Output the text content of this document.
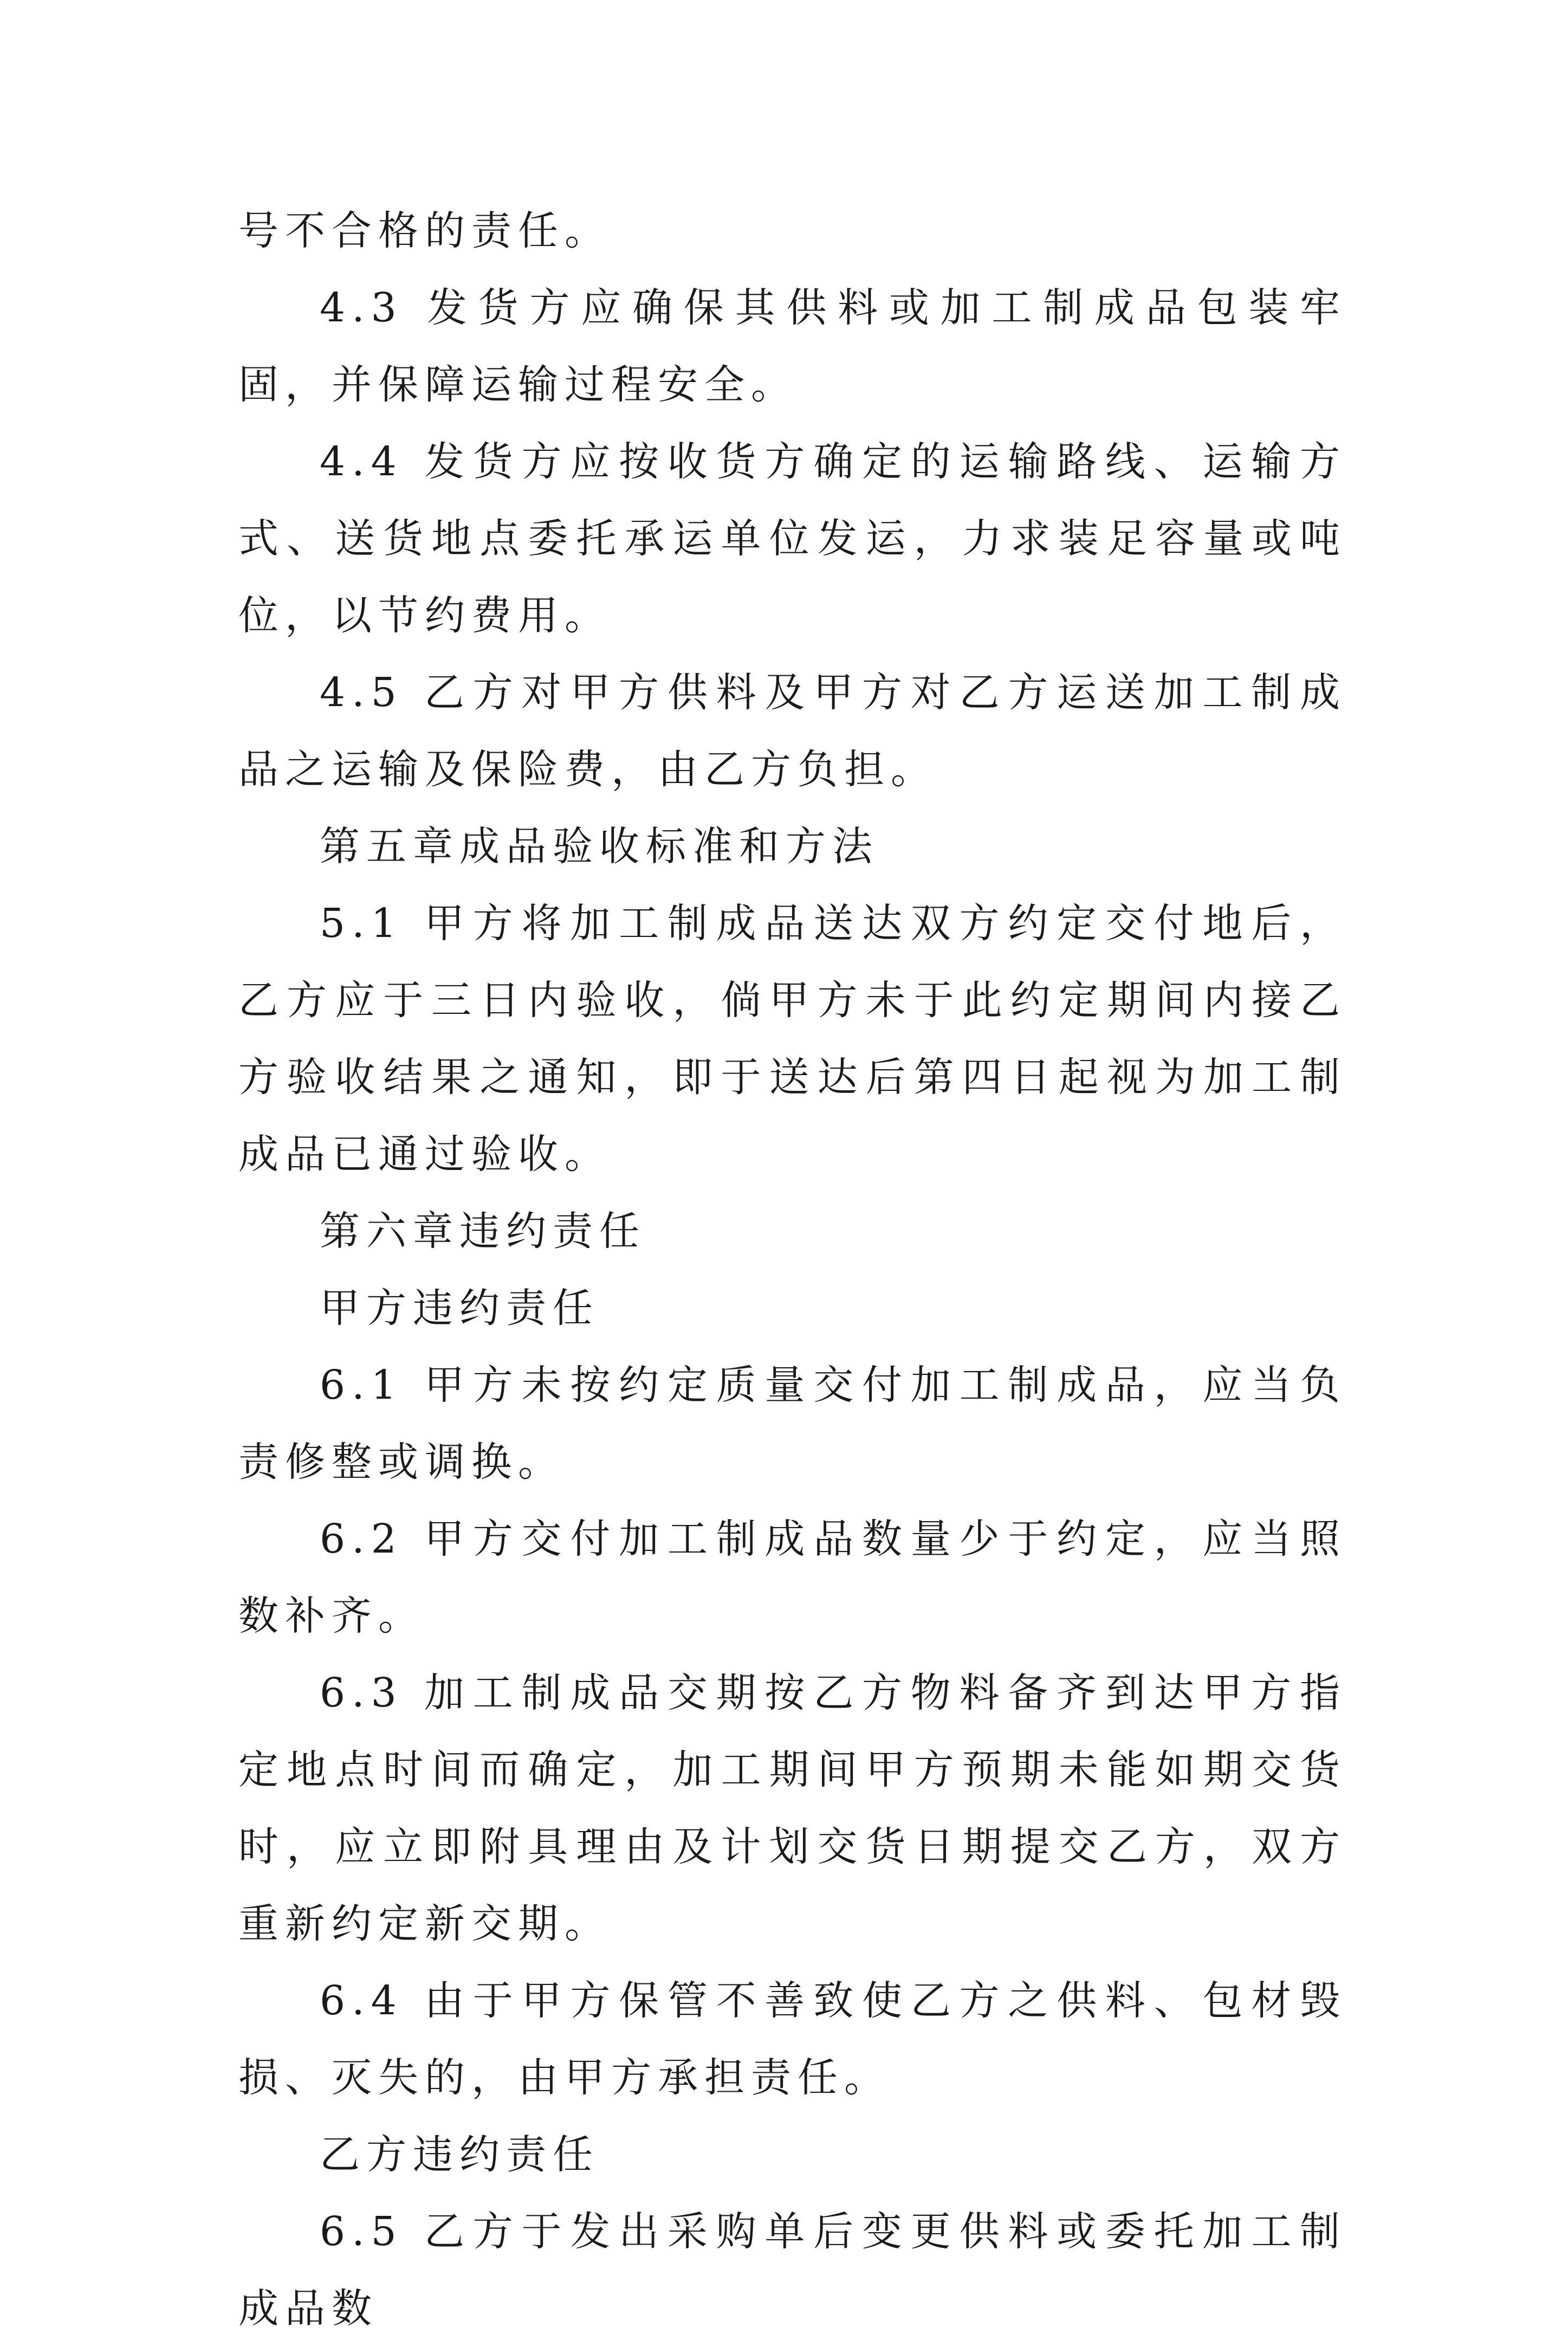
号不合格的责任。

4.3 发货方应确保其供料或加工制成品包装牢固，并保障运输过程安全。

4.4 发货方应按收货方确定的运输路线、运输方式、送货地点委托承运单位发运，力求装足容量或吨位，以节约费用。

4.5 乙方对甲方供料及甲方对乙方运送加工制成品之运输及保险费，由乙方负担。

第五章成品验收标准和方法

5.1 甲方将加工制成品送达双方约定交付地后，乙方应于三日内验收，倘甲方未于此约定期间内接乙方验收结果之通知，即于送达后第四日起视为加工制成品已通过验收。

第六章违约责任

甲方违约责任

6.1 甲方未按约定质量交付加工制成品，应当负责修整或调换。

6.2 甲方交付加工制成品数量少于约定，应当照数补齐。

6.3 加工制成品交期按乙方物料备齐到达甲方指定地点时间而确定，加工期间甲方预期未能如期交货时，应立即附具理由及计划交货日期提交乙方，双方重新约定新交期。

6.4 由于甲方保管不善致使乙方之供料、包材毁损、灭失的，由甲方承担责任。

乙方违约责任

6.5 乙方于发出采购单后变更供料或委托加工制成品数
